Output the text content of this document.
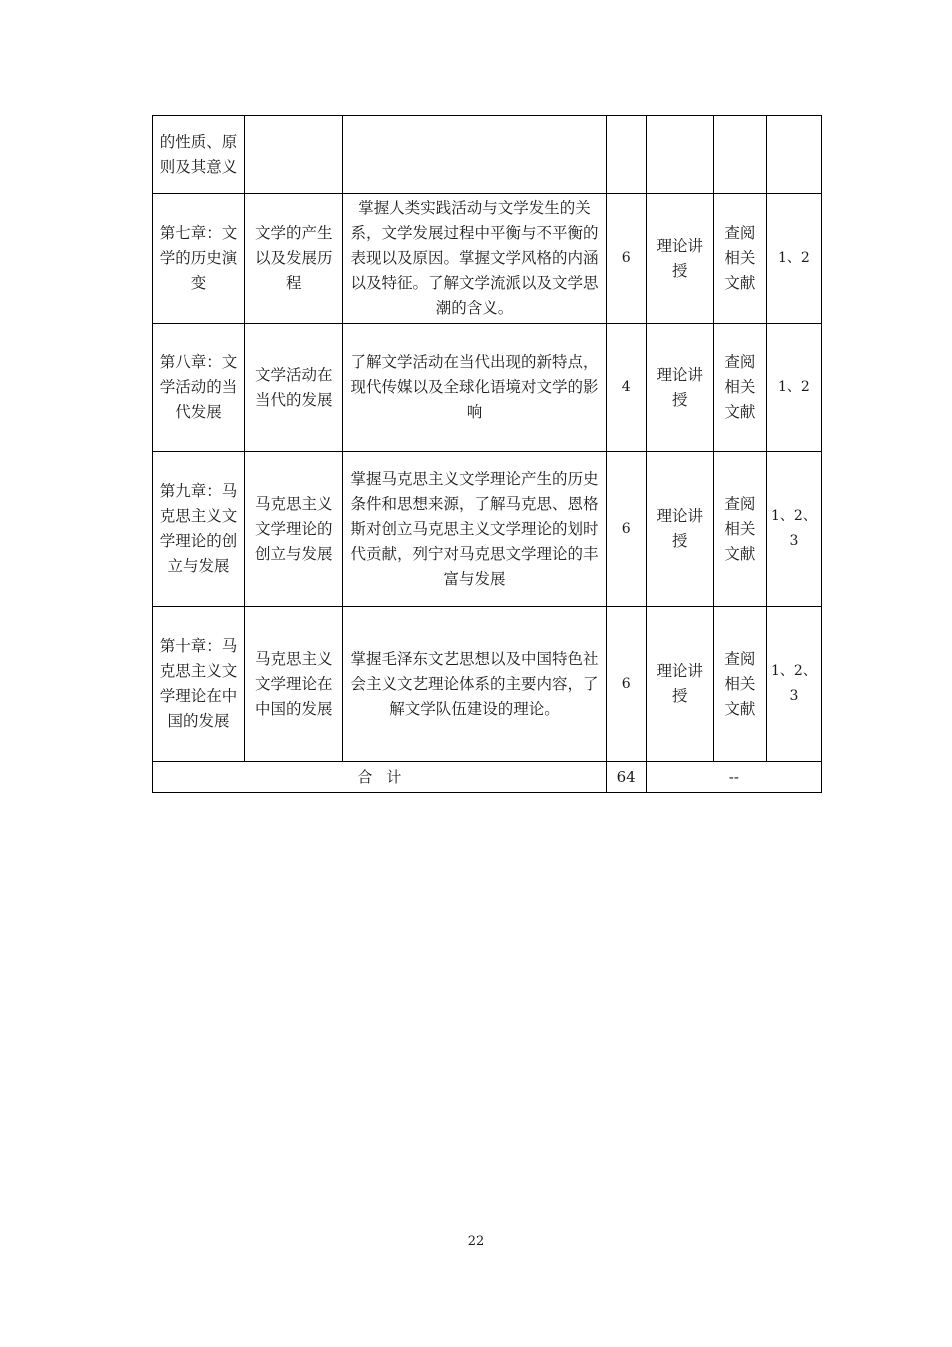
的性质、原则及其意义						
第七章：文学的历史演变	文学的产生以及发展历程	掌握人类实践活动与文学发生的关系，文学发展过程中平衡与不平衡的表现以及原因。掌握文学风格的内涵以及特征。了解文学流派以及文学思潮的含义。	6	理论讲授	查阅相关文献	1、2
第八章：文学活动的当代发展	文学活动在当代的发展	了解文学活动在当代出现的新特点，现代传媒以及全球化语境对文学的影响	4	理论讲授	查阅相关文献	1、2
第九章：马克思主义文学理论的创立与发展	马克思主义文学理论的创立与发展	掌握马克思主义文学理论产生的历史条件和思想来源，了解马克思、恩格斯对创立马克思主义文学理论的划时代贡献，列宁对马克思文学理论的丰富与发展	6	理论讲授	查阅相关文献	1、2、3
第十章：马克思主义文学理论在中国的发展	马克思主义文学理论在中国的发展	掌握毛泽东文艺思想以及中国特色社会主义文艺理论体系的主要内容，了解文学队伍建设的理论。	6	理论讲授	查阅相关文献	1、2、3
合计			64	--		
22
